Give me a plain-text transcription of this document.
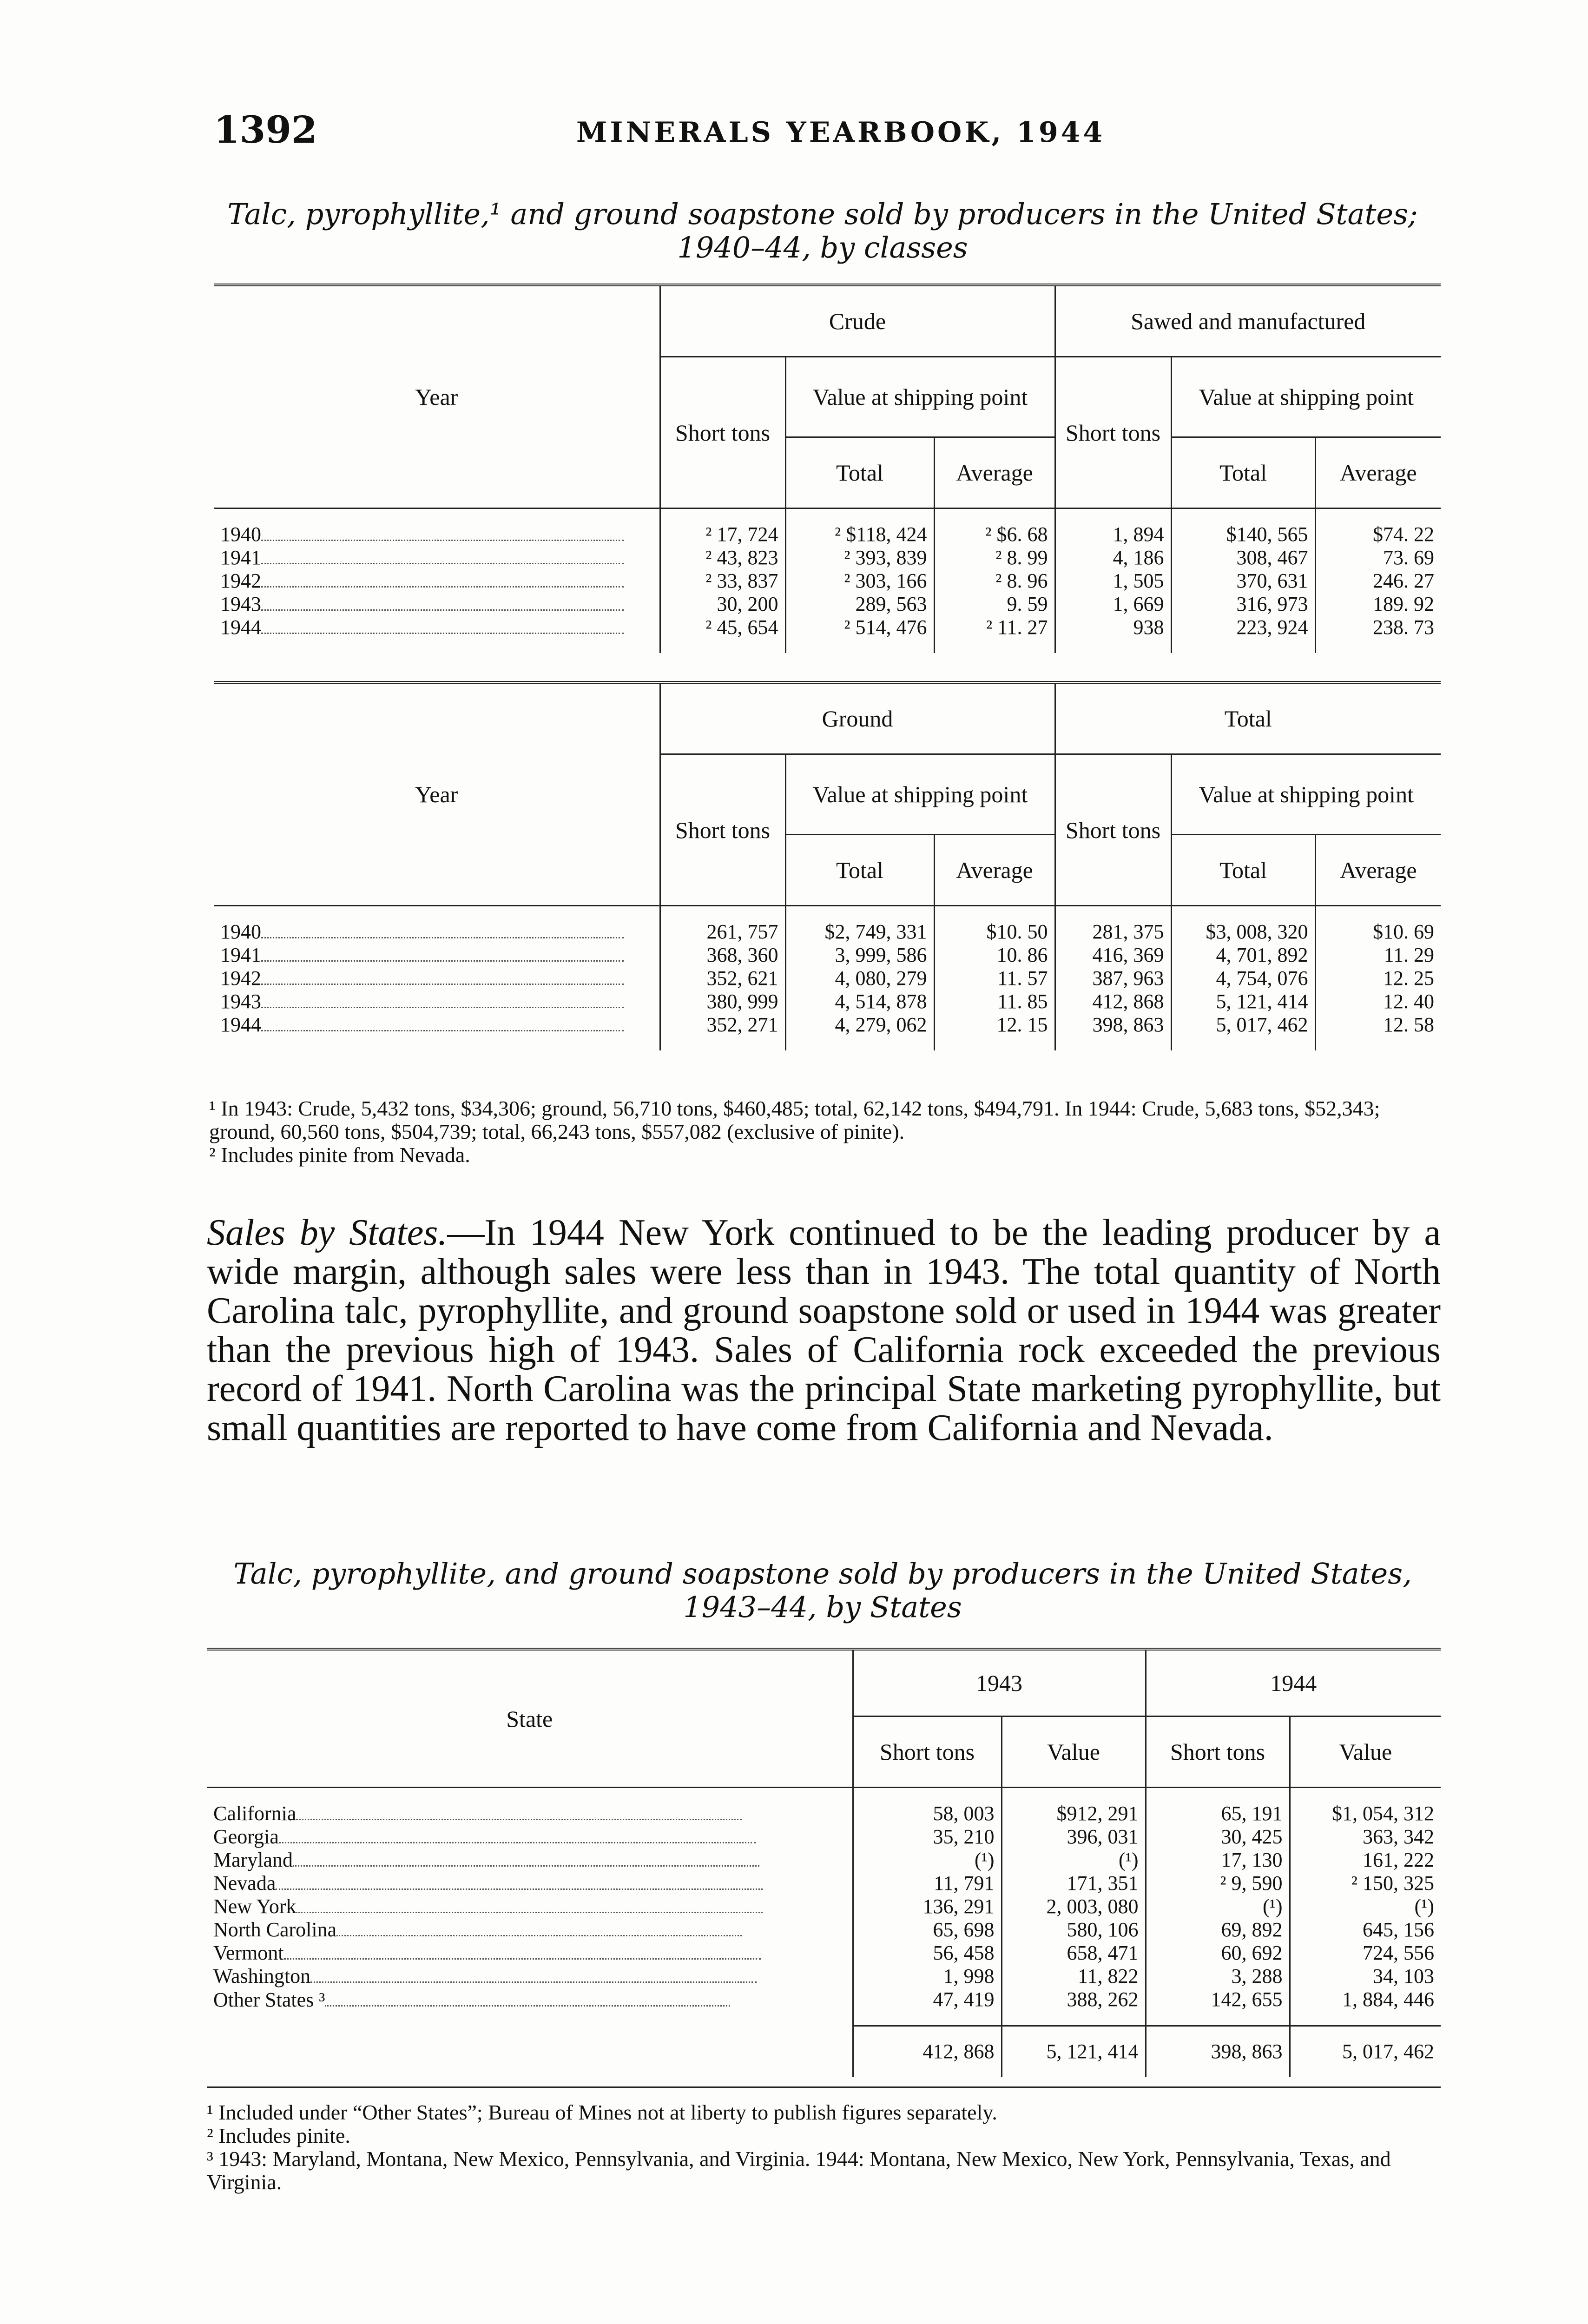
1392	MINERALS YEARBOOK, 1944
Talc, pyrophyllite,¹ and ground soapstone sold by producers in the United States;
1940–44, by classes
Year	Crude			Sawed and manufactured		
	Short tons	Value at shipping point		Short tons	Value at shipping point	
		Total	Average		Total	Average
1940	² 17, 724	² $118, 424	² $6. 68	1, 894	$140, 565	$74. 22
1941	² 43, 823	² 393, 839	² 8. 99	4, 186	308, 467	73. 69
1942	² 33, 837	² 303, 166	² 8. 96	1, 505	370, 631	246. 27
1943	30, 200	289, 563	9. 59	1, 669	316, 973	189. 92
1944	² 45, 654	² 514, 476	² 11. 27	938	223, 924	238. 73
Year	Ground			Total		
	Short tons	Value at shipping point		Short tons	Value at shipping point	
		Total	Average		Total	Average
1940	261, 757	$2, 749, 331	$10. 50	281, 375	$3, 008, 320	$10. 69
1941	368, 360	3, 999, 586	10. 86	416, 369	4, 701, 892	11. 29
1942	352, 621	4, 080, 279	11. 57	387, 963	4, 754, 076	12. 25
1943	380, 999	4, 514, 878	11. 85	412, 868	5, 121, 414	12. 40
1944	352, 271	4, 279, 062	12. 15	398, 863	5, 017, 462	12. 58
¹ In 1943: Crude, 5,432 tons, $34,306; ground, 56,710 tons, $460,485; total, 62,142 tons, $494,791. In 1944: Crude, 5,683 tons, $52,343; ground, 60,560 tons, $504,739; total, 66,243 tons, $557,082 (exclusive of pinite).
² Includes pinite from Nevada.
Sales by States.—In 1944 New York continued to be the leading producer by a wide margin, although sales were less than in 1943. The total quantity of North Carolina talc, pyrophyllite, and ground soapstone sold or used in 1944 was greater than the previous high of 1943. Sales of California rock exceeded the previous record of 1941. North Carolina was the principal State marketing pyrophyllite, but small quantities are reported to have come from California and Nevada.
Talc, pyrophyllite, and ground soapstone sold by producers in the United States,
1943–44, by States
State	1943		1944	
	Short tons	Value	Short tons	Value
California	58, 003	$912, 291	65, 191	$1, 054, 312
Georgia	35, 210	396, 031	30, 425	363, 342
Maryland	(¹)	(¹)	17, 130	161, 222
Nevada	11, 791	171, 351	² 9, 590	² 150, 325
New York	136, 291	2, 003, 080	(¹)	(¹)
North Carolina	65, 698	580, 106	69, 892	645, 156
Vermont	56, 458	658, 471	60, 692	724, 556
Washington	1, 998	11, 822	3, 288	34, 103
Other States ³	47, 419	388, 262	142, 655	1, 884, 446
	412, 868	5, 121, 414	398, 863	5, 017, 462

¹ Included under “Other States”; Bureau of Mines not at liberty to publish figures separately.
² Includes pinite.
³ 1943: Maryland, Montana, New Mexico, Pennsylvania, and Virginia. 1944: Montana, New Mexico, New York, Pennsylvania, Texas, and Virginia.
